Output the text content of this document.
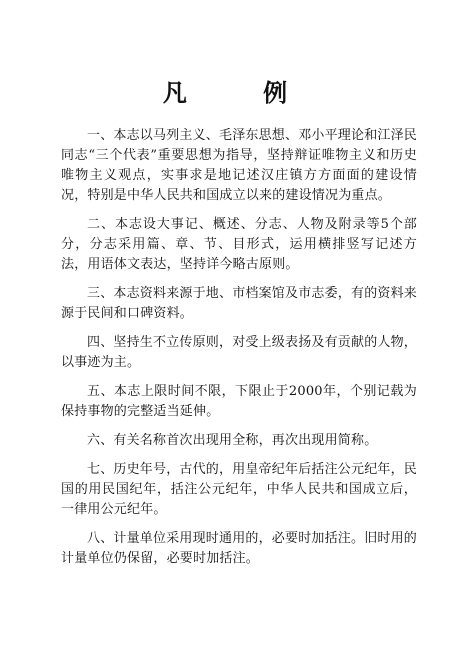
凡 例

一、本志以马列主义、毛泽东思想、邓小平理论和江泽民同志“三个代表”重要思想为指导，坚持辩证唯物主义和历史唯物主义观点，实事求是地记述汉庄镇方方面面的建设情况，特别是中华人民共和国成立以来的建设情况为重点。

二、本志设大事记、概述、分志、人物及附录等5个部分，分志采用篇、章、节、目形式，运用横排竖写记述方法，用语体文表达，坚持详今略古原则。

三、本志资料来源于地、市档案馆及市志委，有的资料来源于民间和口碑资料。

四、坚持生不立传原则，对受上级表扬及有贡献的人物，以事迹为主。

五、本志上限时间不限，下限止于2000年，个别记载为保持事物的完整适当延伸。

六、有关名称首次出现用全称，再次出现用简称。

七、历史年号，古代的，用皇帝纪年后括注公元纪年，民国的用民国纪年，括注公元纪年，中华人民共和国成立后，一律用公元纪年。

八、计量单位采用现时通用的，必要时加括注。旧时用的计量单位仍保留，必要时加括注。
